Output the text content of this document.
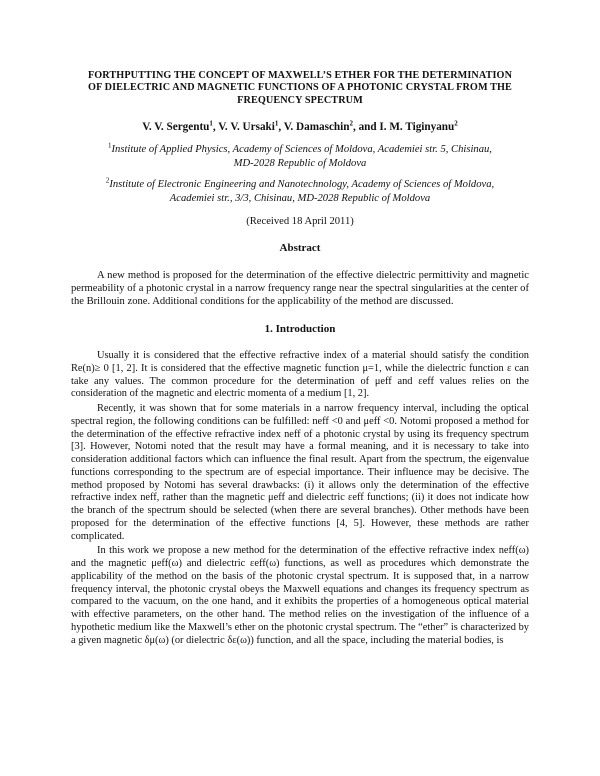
FORTHPUTTING THE CONCEPT OF MAXWELL’S ETHER FOR THE DETERMINATION
OF DIELECTRIC AND MAGNETIC FUNCTIONS OF A PHOTONIC CRYSTAL FROM THE
FREQUENCY SPECTRUM
V. V. Sergentu$^1$, V. V. Ursaki$^1$, V. Damaschin$^2$, and I. M. Tiginyanu$^2$
$^1$Institute of Applied Physics, Academy of Sciences of Moldova, Academiei str. 5, Chisinau,
MD-2028 Republic of Moldova
$^2$Institute of Electronic Engineering and Nanotechnology, Academy of Sciences of Moldova,
Academiei str., 3/3, Chisinau, MD-2028 Republic of Moldova
(Received 18 April 2011)
Abstract

A new method is proposed for the determination of the effective dielectric permittivity and magnetic permeability of a photonic crystal in a narrow frequency range near the spectral singularities at the center of the Brillouin zone. Additional conditions for the applicability of the method are discussed.

1. Introduction

Usually it is considered that the effective refractive index of a material should satisfy the condition Re(n)≥ 0 [1, 2]. It is considered that the effective magnetic function μ=1, while the dielectric function ε can take any values. The common procedure for the determination of μeff and εeff values relies on the consideration of the magnetic and electric momenta of a medium [1, 2].

Recently, it was shown that for some materials in a narrow frequency interval, including the optical spectral region, the following conditions can be fulfilled: neff <0 and μeff <0. Notomi proposed a method for the determination of the effective refractive index neff of a photonic crystal by using its frequency spectrum [3]. However, Notomi noted that the result may have a formal meaning, and it is necessary to take into consideration additional factors which can influence the final result. Apart from the spectrum, the eigenvalue functions corresponding to the spectrum are of especial importance. Their influence may be decisive. The method proposed by Notomi has several drawbacks: (i) it allows only the determination of the effective refractive index neff, rather than the magnetic μeff and dielectric εeff functions; (ii) it does not indicate how the branch of the spectrum should be selected (when there are several branches). Other methods have been proposed for the determination of the effective functions [4, 5]. However, these methods are rather complicated.

In this work we propose a new method for the determination of the effective refractive index neff(ω) and the magnetic μeff(ω) and dielectric εeff(ω) functions, as well as procedures which demonstrate the applicability of the method on the basis of the photonic crystal spectrum. It is supposed that, in a narrow frequency interval, the photonic crystal obeys the Maxwell equations and changes its frequency spectrum as compared to the vacuum, on the one hand, and it exhibits the properties of a homogeneous optical material with effective parameters, on the other hand. The method relies on the investigation of the influence of a hypothetic medium like the Maxwell’s ether on the photonic crystal spectrum. The “ether” is characterized by a given magnetic δμ(ω) (or dielectric δε(ω)) function, and all the space, including the material bodies, is
